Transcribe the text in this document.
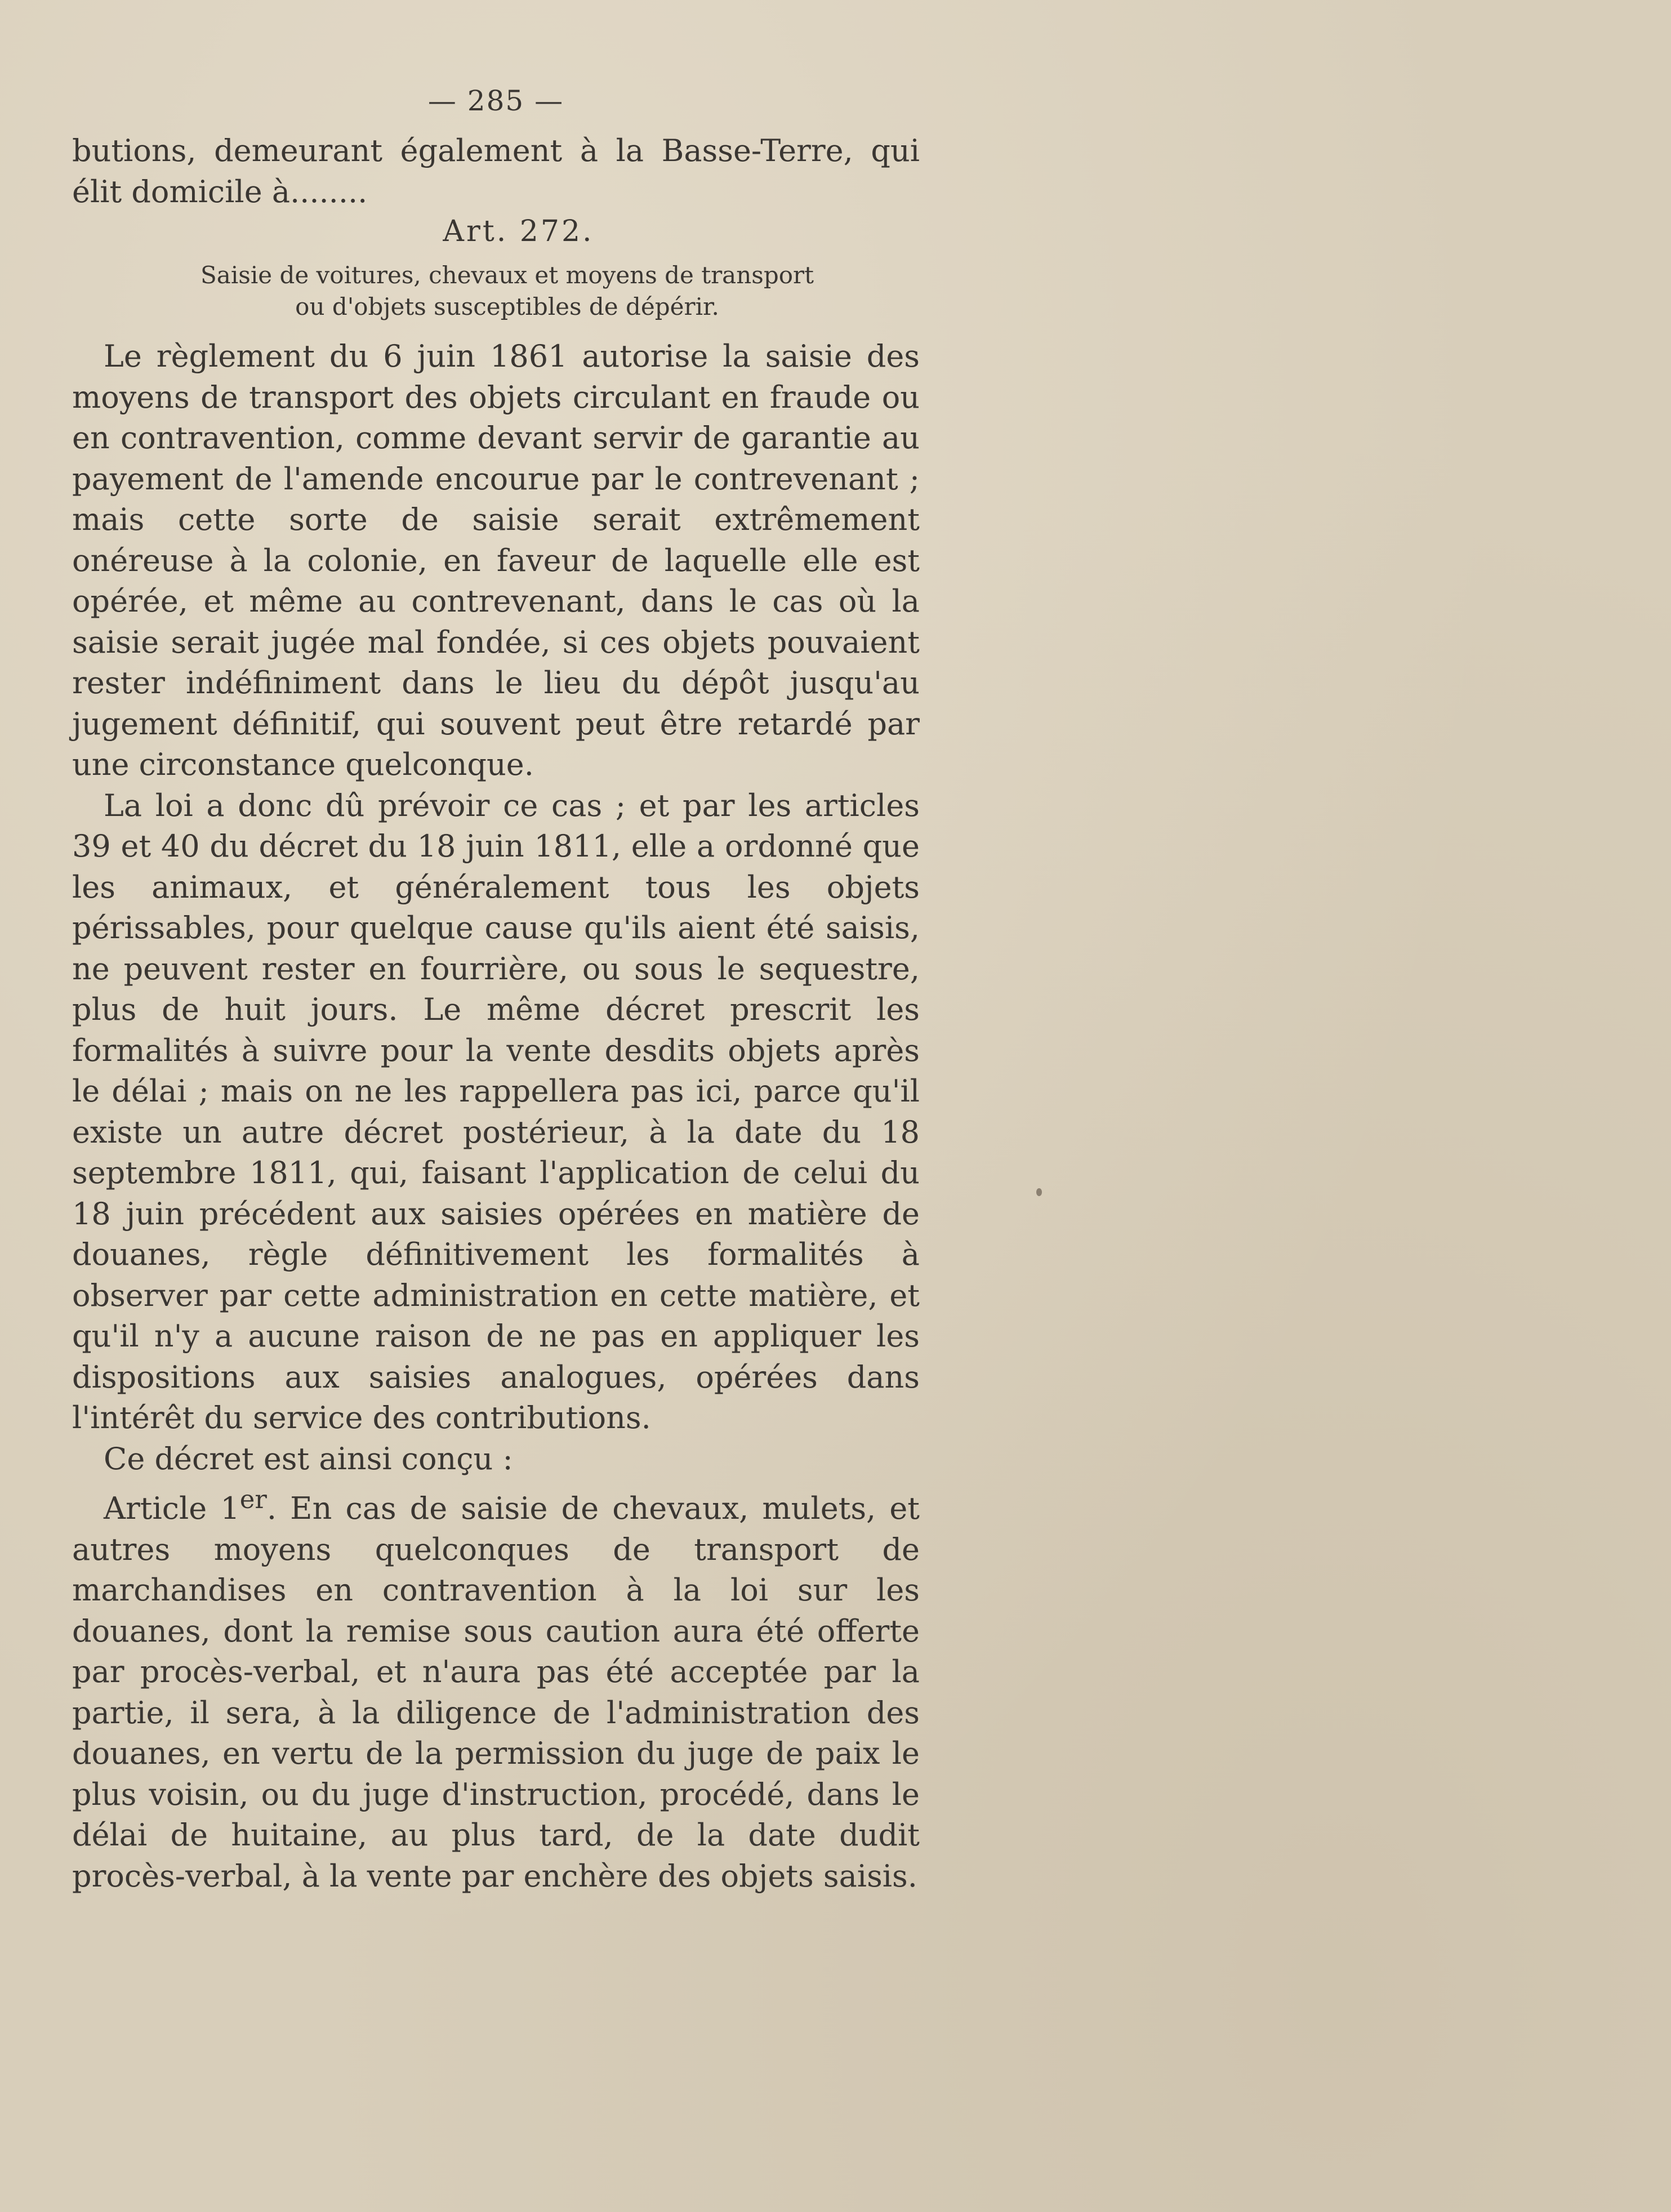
— 285 —

butions, demeurant également à la Basse-Terre, qui élit domicile à........

Art. 272.
Saisie de voitures, chevaux et moyens de transport
ou d'objets susceptibles de dépérir.

Le règlement du 6 juin 1861 autorise la saisie des moyens de transport des objets circulant en fraude ou en contravention, comme devant servir de garantie au payement de l'amende encourue par le contrevenant ; mais cette sorte de saisie serait extrêmement onéreuse à la colonie, en faveur de laquelle elle est opérée, et même au contrevenant, dans le cas où la saisie serait jugée mal fondée, si ces objets pouvaient rester indéfiniment dans le lieu du dépôt jusqu'au jugement définitif, qui souvent peut être retardé par une circonstance quelconque.

La loi a donc dû prévoir ce cas ; et par les articles 39 et 40 du décret du 18 juin 1811, elle a ordonné que les animaux, et généralement tous les objets périssables, pour quelque cause qu'ils aient été saisis, ne peuvent rester en fourrière, ou sous le sequestre, plus de huit jours. Le même décret prescrit les formalités à suivre pour la vente desdits objets après le délai ; mais on ne les rappellera pas ici, parce qu'il existe un autre décret postérieur, à la date du 18 septembre 1811, qui, faisant l'application de celui du 18 juin précédent aux saisies opérées en matière de douanes, règle définitivement les formalités à observer par cette administration en cette matière, et qu'il n'y a aucune raison de ne pas en appliquer les dispositions aux saisies analogues, opérées dans l'intérêt du service des contributions.

Ce décret est ainsi conçu :

Article 1er. En cas de saisie de chevaux, mulets, et autres moyens quelconques de transport de marchandises en contravention à la loi sur les douanes, dont la remise sous caution aura été offerte par procès-verbal, et n'aura pas été acceptée par la partie, il sera, à la diligence de l'administration des douanes, en vertu de la permission du juge de paix le plus voisin, ou du juge d'instruction, procédé, dans le délai de huitaine, au plus tard, de la date dudit procès-verbal, à la vente par enchère des objets saisis.
